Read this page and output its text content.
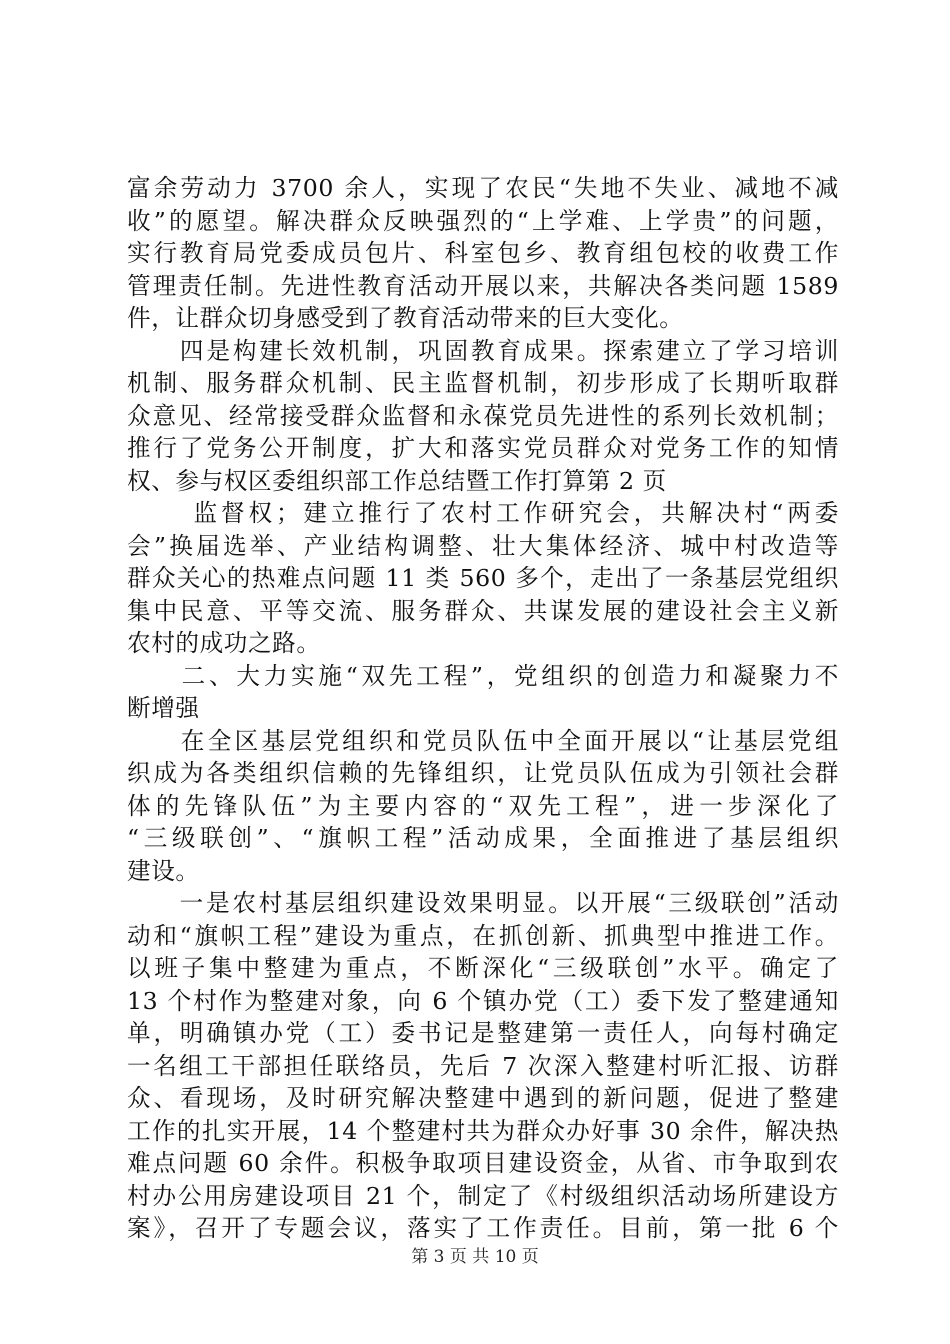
富余劳动力 3700 余人，实现了农民“失地不失业、减地不减
收”的愿望。解决群众反映强烈的“上学难、上学贵”的问题，
实行教育局党委成员包片、科室包乡、教育组包校的收费工作
管理责任制。先进性教育活动开展以来，共解决各类问题 1589
件，让群众切身感受到了教育活动带来的巨大变化。
　　四是构建长效机制，巩固教育成果。探索建立了学习培训
机制、服务群众机制、民主监督机制，初步形成了长期听取群
众意见、经常接受群众监督和永葆党员先进性的系列长效机制；
推行了党务公开制度，扩大和落实党员群众对党务工作的知情
权、参与权区委组织部工作总结暨工作打算第 2 页
　　 监督权；建立推行了农村工作研究会，共解决村“两委
会”换届选举、产业结构调整、壮大集体经济、城中村改造等
群众关心的热难点问题 11 类 560 多个，走出了一条基层党组织
集中民意、平等交流、服务群众、共谋发展的建设社会主义新
农村的成功之路。
　　二、大力实施“双先工程”，党组织的创造力和凝聚力不
断增强
　　在全区基层党组织和党员队伍中全面开展以“让基层党组
织成为各类组织信赖的先锋组织，让党员队伍成为引领社会群
体的先锋队伍”为主要内容的“双先工程”，进一步深化了
“三级联创”、“旗帜工程”活动成果，全面推进了基层组织
建设。
　　一是农村基层组织建设效果明显。以开展“三级联创”活动
动和“旗帜工程”建设为重点，在抓创新、抓典型中推进工作。
以班子集中整建为重点，不断深化“三级联创”水平。确定了
13 个村作为整建对象，向 6 个镇办党（工）委下发了整建通知
单，明确镇办党（工）委书记是整建第一责任人，向每村确定
一名组工干部担任联络员，先后 7 次深入整建村听汇报、访群
众、看现场，及时研究解决整建中遇到的新问题，促进了整建
工作的扎实开展，14 个整建村共为群众办好事 30 余件，解决热
难点问题 60 余件。积极争取项目建设资金，从省、市争取到农
村办公用房建设项目 21 个，制定了《村级组织活动场所建设方
案》，召开了专题会议，落实了工作责任。目前，第一批 6 个
第 3 页 共 10 页
